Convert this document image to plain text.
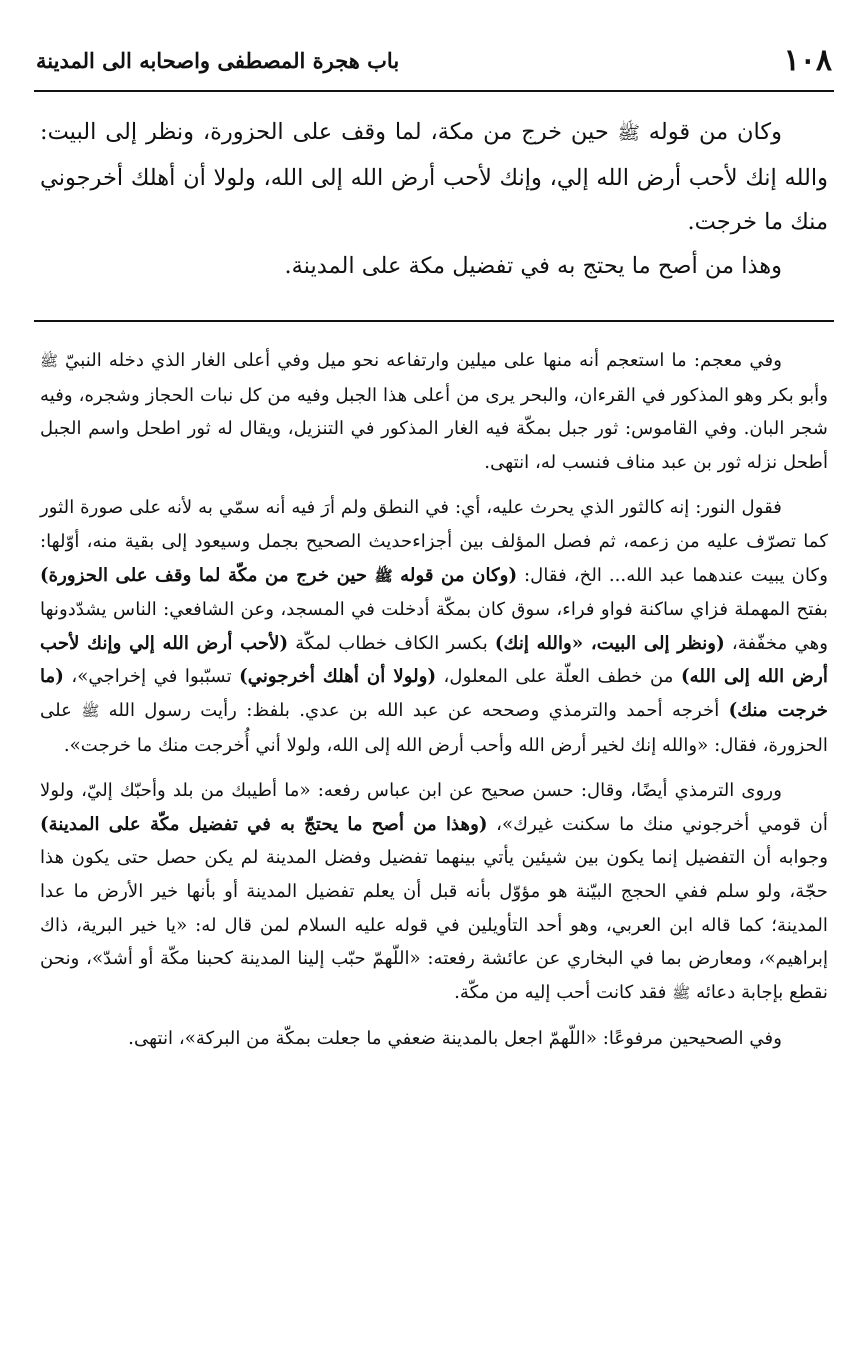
١٠٨
باب هجرة المصطفى واصحابه الى المدينة

وكان من قوله ﷺ حين خرج من مكة، لما وقف على الحزورة، ونظر إلى البيت: والله إنك لأحب أرض الله إلي، وإنك لأحب أرض الله إلى الله، ولولا أن أهلك أخرجوني منك ما خرجت.

وهذا من أصح ما يحتج به في تفضيل مكة على المدينة.

وفي معجم: ما استعجم أنه منها على ميلين وارتفاعه نحو ميل وفي أعلى الغار الذي دخله النبيّ ﷺ وأبو بكر وهو المذكور في القرءان، والبحر يرى من أعلى هذا الجبل وفيه من كل نبات الحجاز وشجره، وفيه شجر البان. وفي القاموس: ثور جبل بمكّة فيه الغار المذكور في التنزيل، ويقال له ثور اطحل واسم الجبل أطحل نزله ثور بن عبد مناف فنسب له، انتهى.

فقول النور: إنه كالثور الذي يحرث عليه، أي: في النطق ولم أرَ فيه أنه سمّي به لأنه على صورة الثور كما تصرّف عليه من زعمه، ثم فصل المؤلف بين أجزاءحديث الصحيح بجمل وسيعود إلى بقية منه، أوّلها: وكان يبيت عندهما عبد الله... الخ، فقال: (وكان من قوله ﷺ حين خرج من مكّة لما وقف على الحزورة) بفتح المهملة فزاي ساكنة فواو فراء، سوق كان بمكّة أدخلت في المسجد، وعن الشافعي: الناس يشدّدونها وهي مخفّفة، (ونظر إلى البيت، «والله إنك) بكسر الكاف خطاب لمكّة (لأحب أرض الله إلي وإنك لأحب أرض الله إلى الله) من خطف العلّة على المعلول، (ولولا أن أهلك أخرجوني) تسبّبوا في إخراجي»، (ما خرجت منك) أخرجه أحمد والترمذي وصححه عن عبد الله بن عدي. بلفظ: رأيت رسول الله ﷺ على الحزورة، فقال: «والله إنك لخير أرض الله وأحب أرض الله إلى الله، ولولا أني أُخرجت منك ما خرجت».

وروى الترمذي أيضًا، وقال: حسن صحيح عن ابن عباس رفعه: «ما أطيبك من بلد وأحبّك إليّ، ولولا أن قومي أخرجوني منك ما سكنت غيرك»، (وهذا من أصح ما يحتجّ به في تفضيل مكّة على المدينة) وجوابه أن التفضيل إنما يكون بين شيئين يأتي بينهما تفضيل وفضل المدينة لم يكن حصل حتى يكون هذا حجّة، ولو سلم ففي الحجج البيّنة هو مؤوّل بأنه قبل أن يعلم تفضيل المدينة أو بأنها خير الأرض ما عدا المدينة؛ كما قاله ابن العربي، وهو أحد التأويلين في قوله عليه السلام لمن قال له: «يا خير البرية، ذاك إبراهيم»، ومعارض بما في البخاري عن عائشة رفعته: «اللّهمّ حبّب إلينا المدينة كحبنا مكّة أو أشدّ»، ونحن نقطع بإجابة دعائه ﷺ فقد كانت أحب إليه من مكّة.

وفي الصحيحين مرفوعًا: «اللّهمّ اجعل بالمدينة ضعفي ما جعلت بمكّة من البركة»، انتهى.
